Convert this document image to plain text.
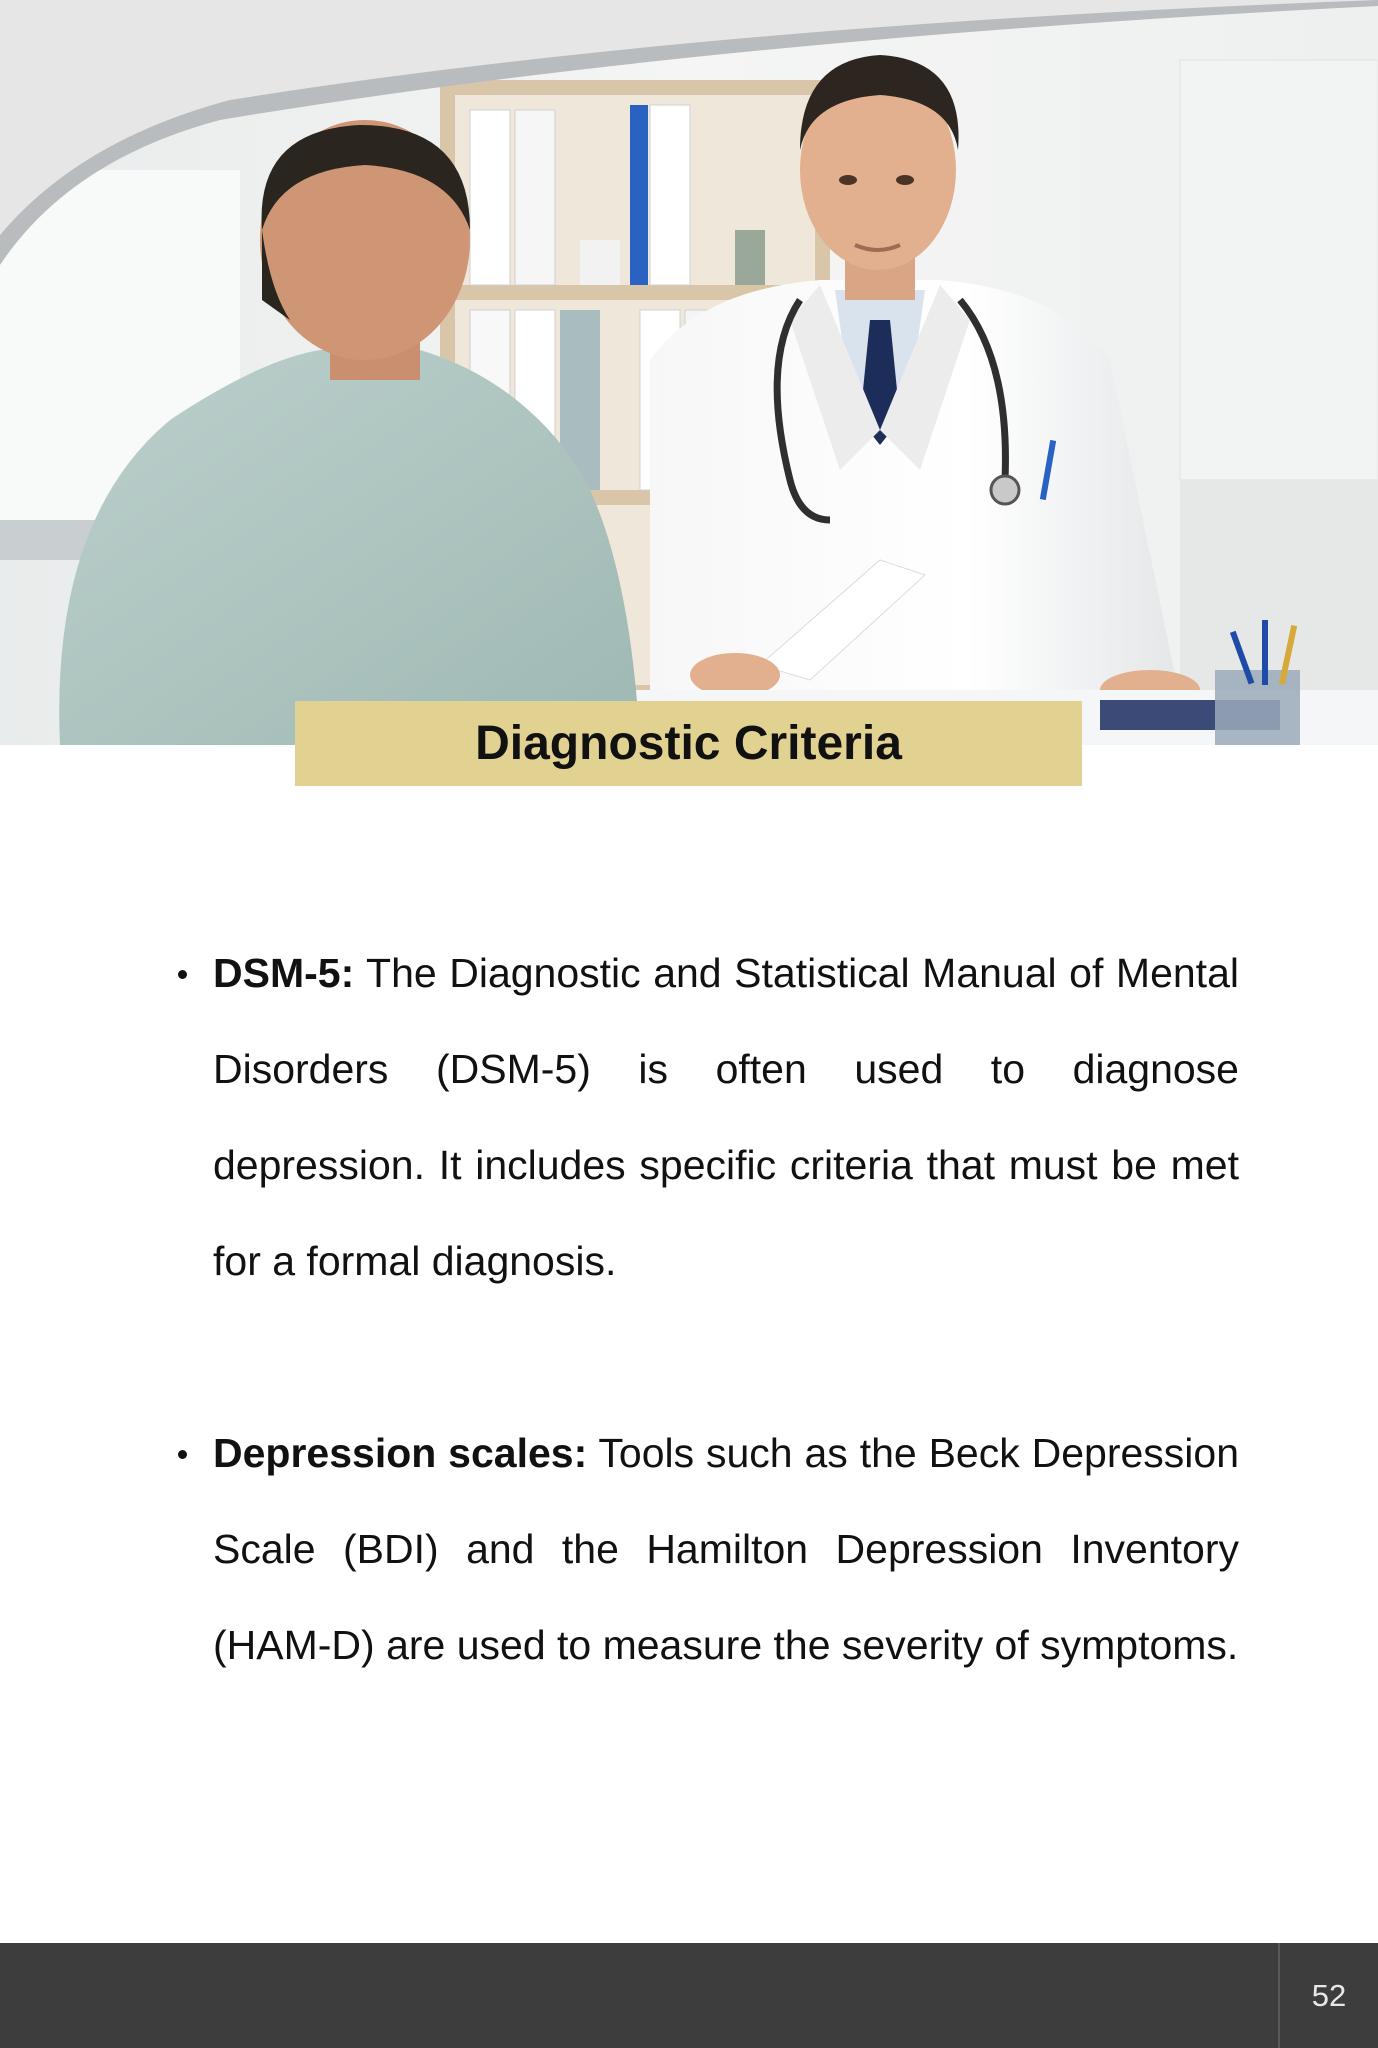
Diagnostic Criteria
DSM-5: The Diagnostic and Statistical Manual of Mental Disorders (DSM-5) is often used to diagnose depression. It includes specific criteria that must be met for a formal diagnosis.
Depression scales: Tools such as the Beck Depression Scale (BDI) and the Hamilton Depression Inventory (HAM-D) are used to measure the severity of symptoms.
52
